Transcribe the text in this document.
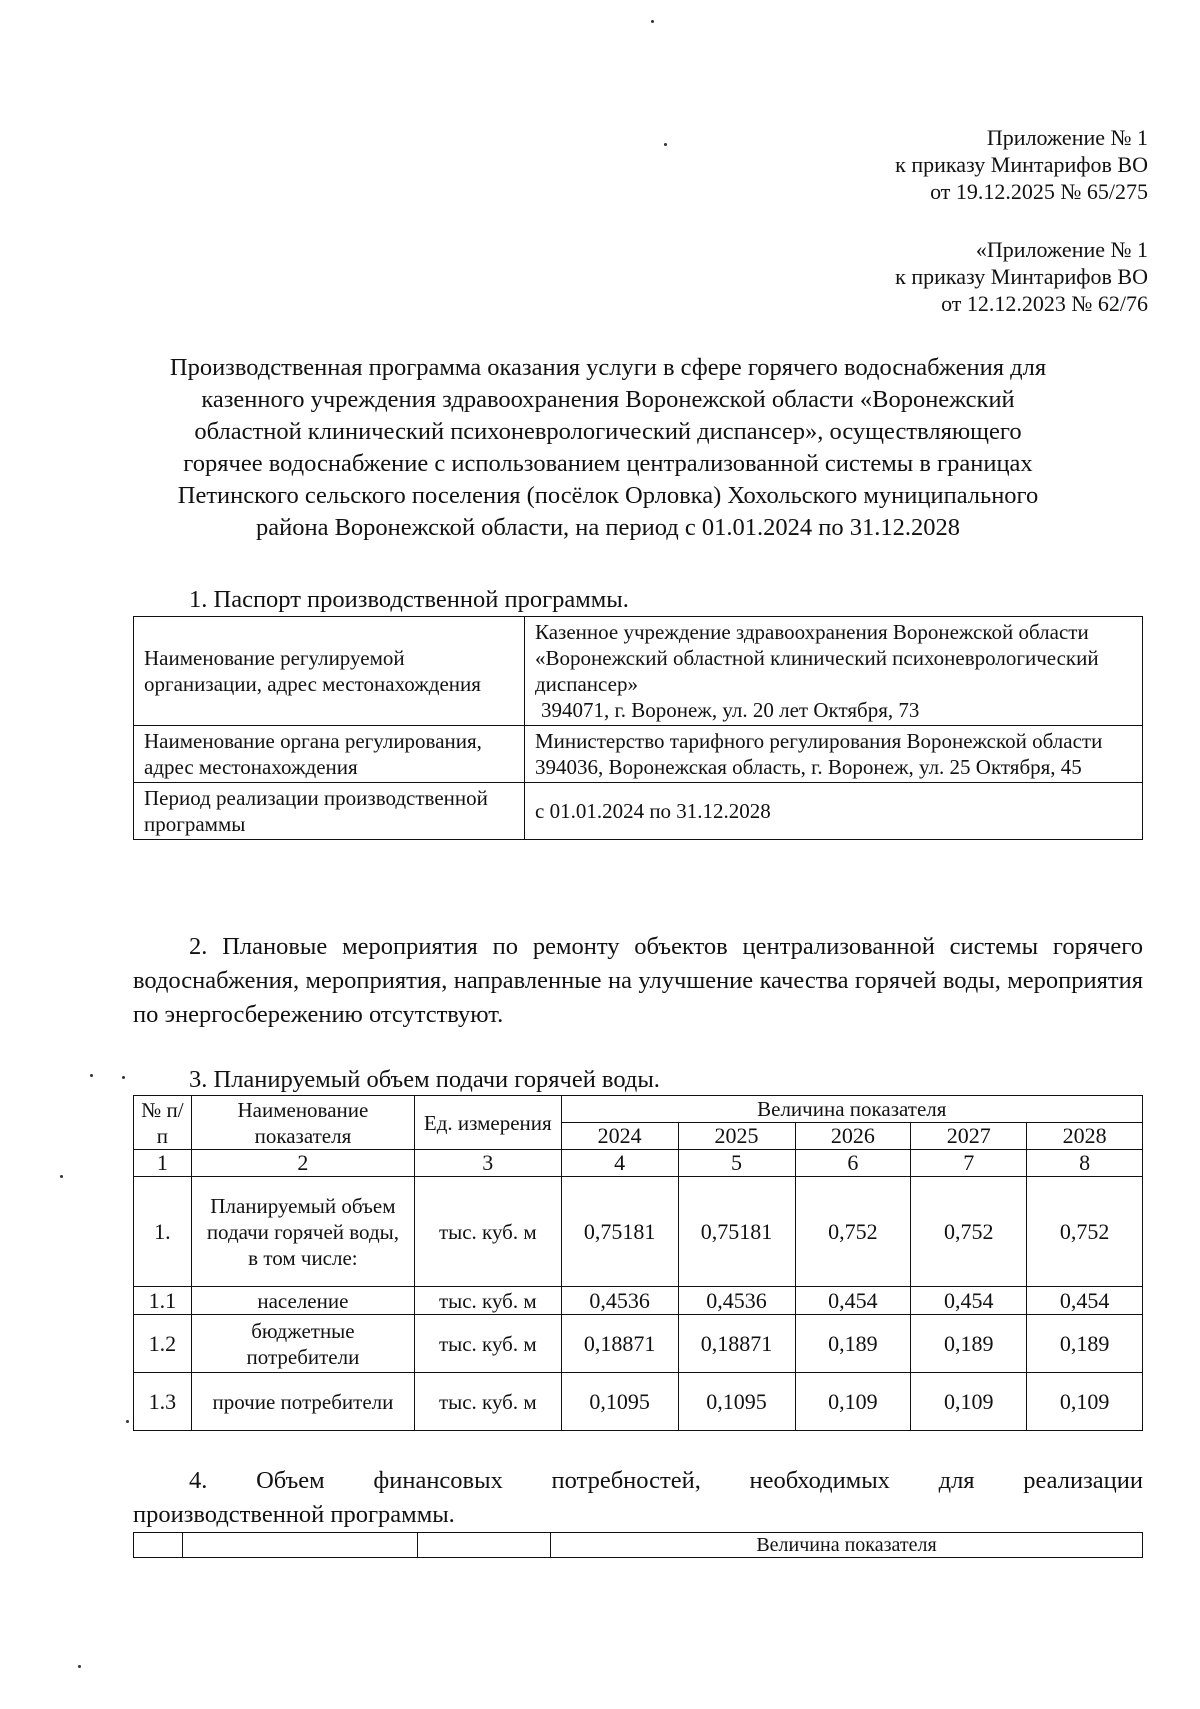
Приложение № 1
к приказу Минтарифов ВО
от 19.12.2025 № 65/275
«Приложение № 1
к приказу Минтарифов ВО
от 12.12.2023 № 62/76
Производственная программа оказания услуги в сфере горячего водоснабжения для
казенного учреждения здравоохранения Воронежской области «Воронежский
областной клинический психоневрологический диспансер», осуществляющего
горячее водоснабжение с использованием централизованной системы в границах
Петинского сельского поселения (посёлок Орловка) Хохольского муниципального
района Воронежской области, на период с 01.01.2024 по 31.12.2028
1. Паспорт производственной программы.
Наименование регулируемой организации, адрес местонахождения	Казенное учреждение здравоохранения Воронежской области «Воронежский областной клинический психоневрологический диспансер»
394071, г. Воронеж, ул. 20 лет Октября, 73

Наименование органа регулирования, адрес местонахождения	Министерство тарифного регулирования Воронежской области
394036, Воронежская область, г. Воронеж, ул. 25 Октября, 45

Период реализации производственной программы	с 01.01.2024 по 31.12.2028
2. Плановые мероприятия по ремонту объектов централизованной системы горячего водоснабжения, мероприятия, направленные на улучшение качества горячей воды, мероприятия по энергосбережению отсутствуют.
3. Планируемый объем подачи горячей воды.
№ п/п	Наименование показателя	Ед. измерения	Величина показателя				
			2024	2025	2026	2027	2028
1	2	3	4	5	6	7	8
1.	Планируемый объем подачи горячей воды, в том числе:	тыс. куб. м	0,75181	0,75181	0,752	0,752	0,752
1.1	население	тыс. куб. м	0,4536	0,4536	0,454	0,454	0,454
1.2	бюджетные потребители	тыс. куб. м	0,18871	0,18871	0,189	0,189	0,189
1.3	прочие потребители	тыс. куб. м	0,1095	0,1095	0,109	0,109	0,109
4. Объем финансовых потребностей, необходимых для реализации
производственной программы.
			Величина показателя
